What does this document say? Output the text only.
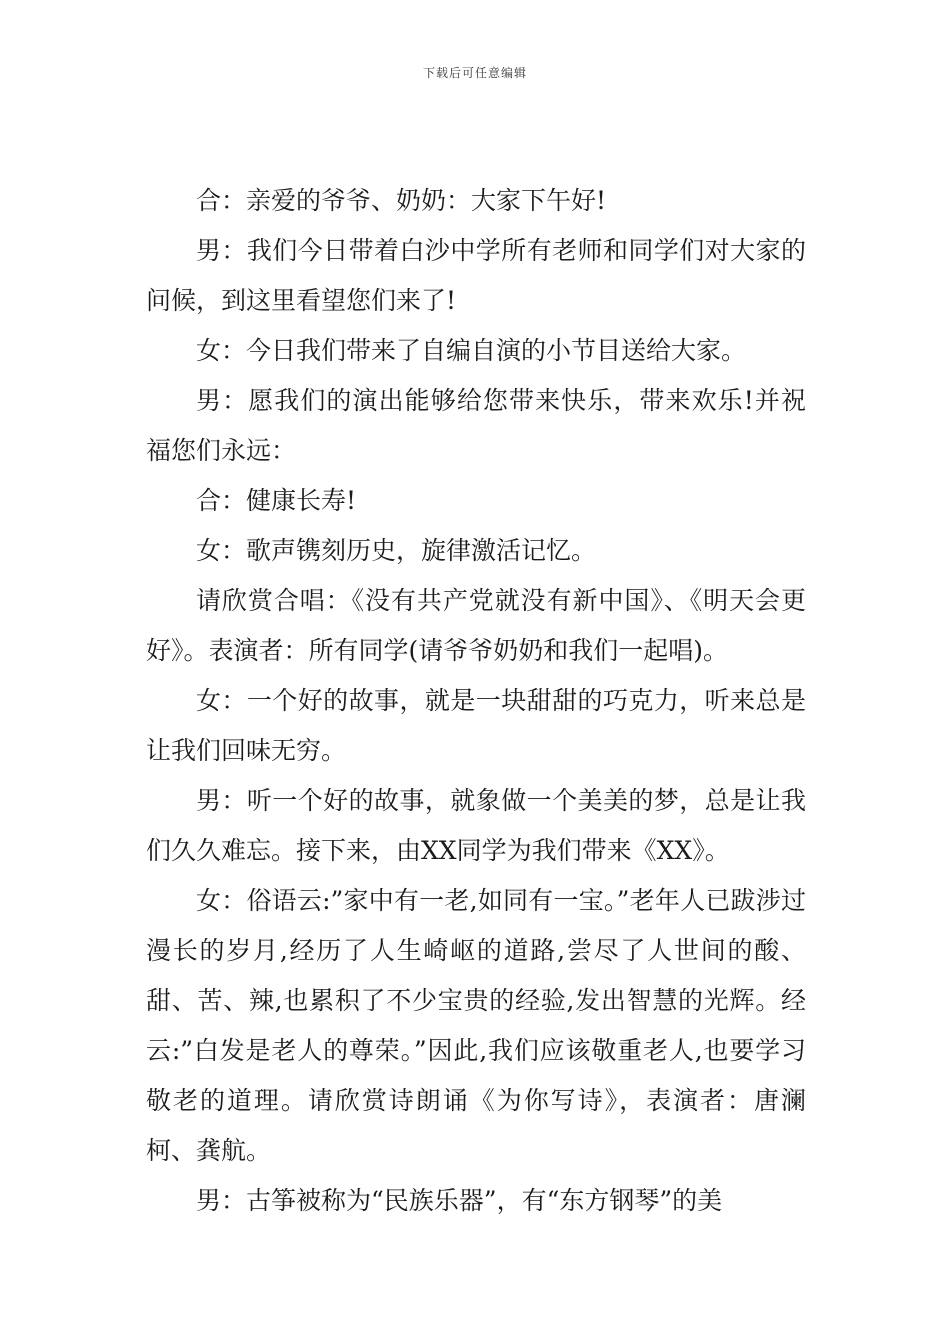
下载后可任意编辑

合：亲爱的爷爷、奶奶：大家下午好!

男：我们今日带着白沙中学所有老师和同学们对大家的问候，到这里看望您们来了!

女：今日我们带来了自编自演的小节目送给大家。

男：愿我们的演出能够给您带来快乐，带来欢乐!并祝福您们永远：

合：健康长寿!

女：歌声镌刻历史，旋律激活记忆。

请欣赏合唱：《没有共产党就没有新中国》、《明天会更好》。表演者：所有同学(请爷爷奶奶和我们一起唱)。

女：一个好的故事，就是一块甜甜的巧克力，听来总是让我们回味无穷。

男：听一个好的故事，就象做一个美美的梦，总是让我们久久难忘。接下来，由XX同学为我们带来《XX》。

女：俗语云:”家中有一老,如同有一宝。”老年人已跋涉过漫长的岁月,经历了人生崎岖的道路,尝尽了人世间的酸、甜、苦、辣,也累积了不少宝贵的经验,发出智慧的光辉。经云:”白发是老人的尊荣。”因此,我们应该敬重老人,也要学习敬老的道理。请欣赏诗朗诵《为你写诗》，表演者：唐澜柯、龚航。

男：古筝被称为“民族乐器”，有“东方钢琴”的美
